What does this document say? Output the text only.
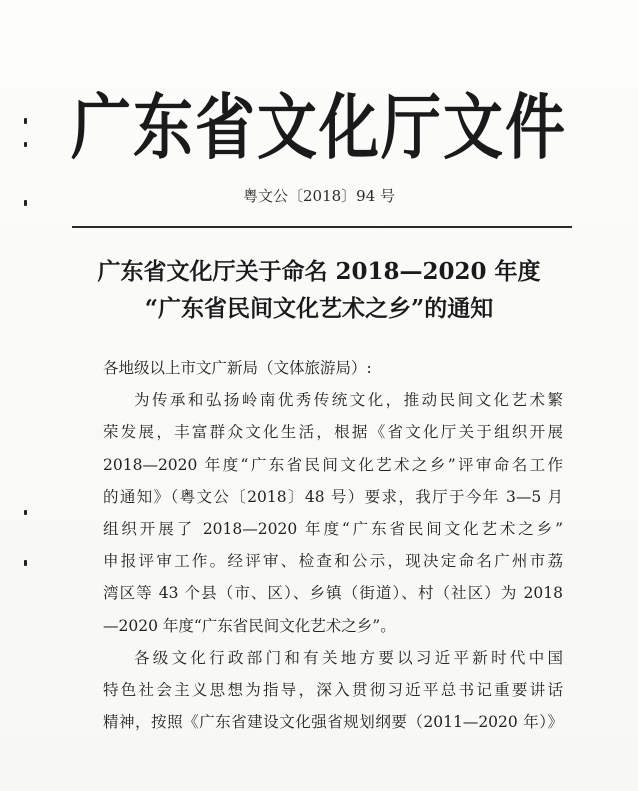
广东省文化厅文件
粤文公〔2018〕94 号
广东省文化厅关于命名 2018—2020 年度
“广东省民间文化艺术之乡”的通知
各地级以上市文广新局（文体旅游局）:
为传承和弘扬岭南优秀传统文化，推动民间文化艺术繁
荣发展，丰富群众文化生活，根据《省文化厅关于组织开展
2018—2020 年度“广东省民间文化艺术之乡”评审命名工作
的通知》（粤文公〔2018〕48 号）要求，我厅于今年 3—5 月
组织开展了 2018—2020 年度“广东省民间文化艺术之乡”
申报评审工作。经评审、检查和公示，现决定命名广州市荔
湾区等 43 个县（市、区）、乡镇（街道）、村（社区）为 2018
—2020 年度“广东省民间文化艺术之乡”。
各级文化行政部门和有关地方要以习近平新时代中国
特色社会主义思想为指导，深入贯彻习近平总书记重要讲话
精神，按照《广东省建设文化强省规划纲要（2011—2020 年）》
